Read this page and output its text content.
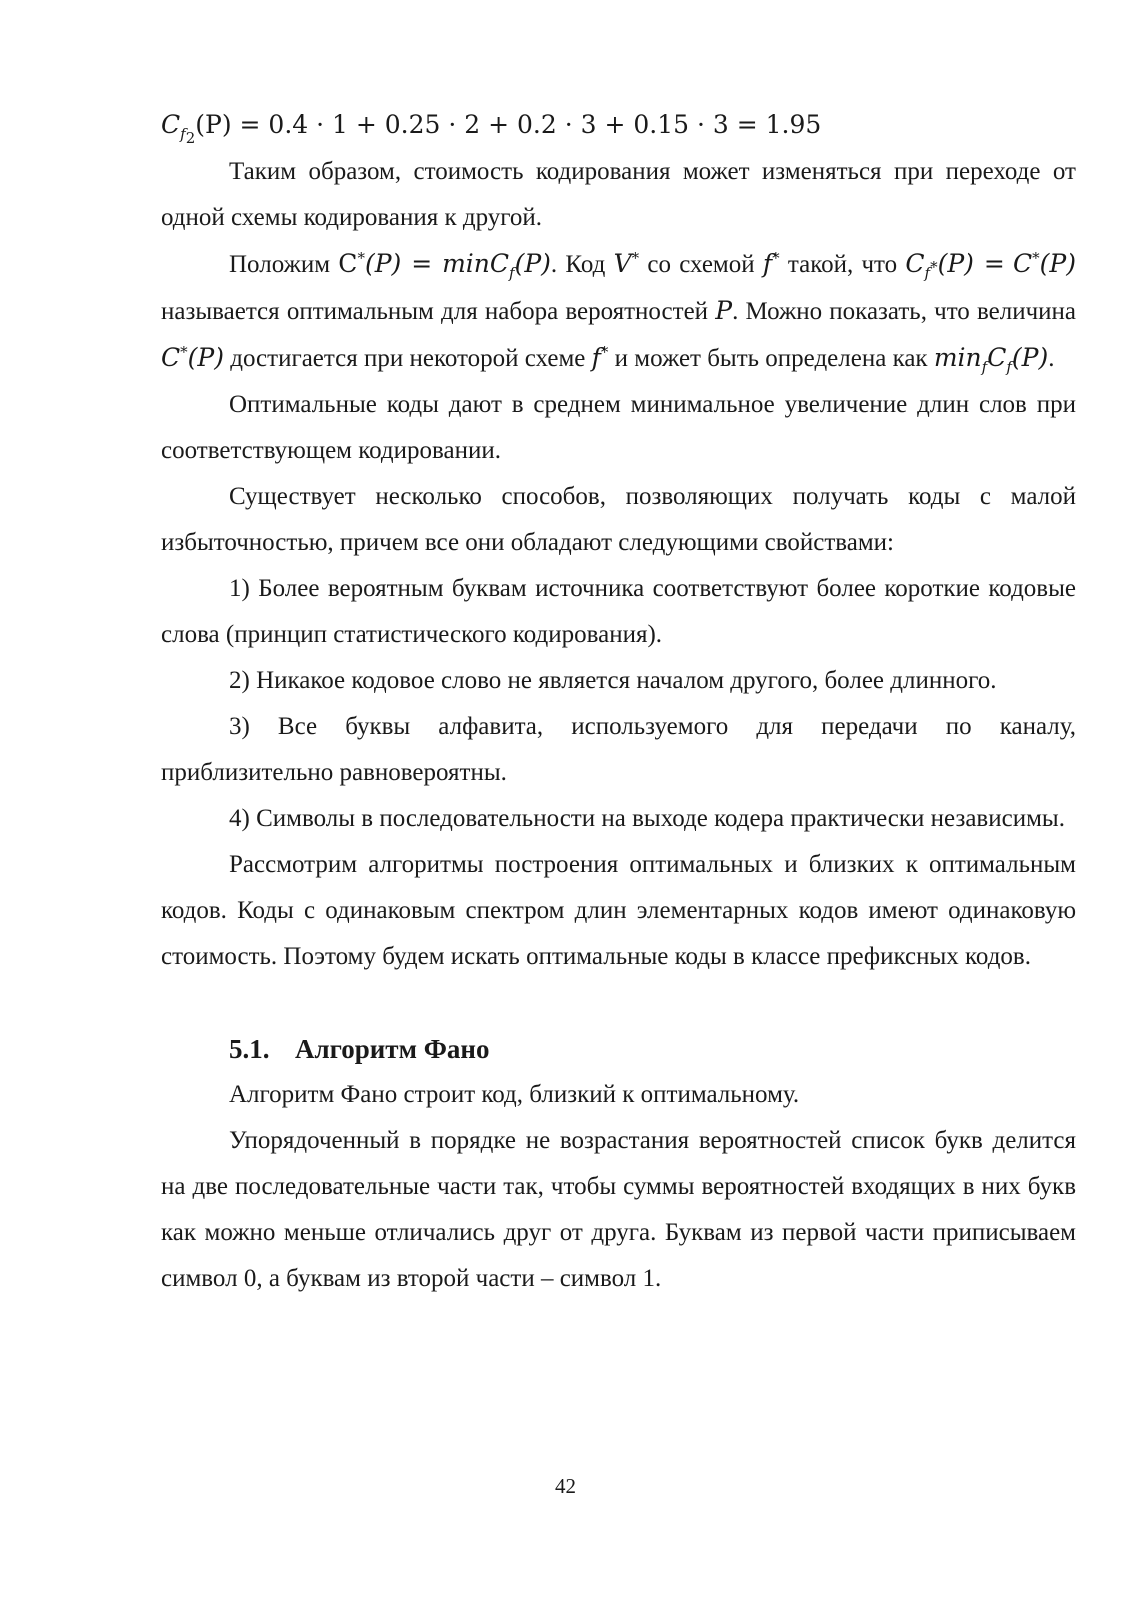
$C_{f_2}(P) = 0.4 \cdot 1 + 0.25 \cdot 2 + 0.2 \cdot 3 + 0.15 \cdot 3 = 1.95$

Таким образом, стоимость кодирования может изменяться при переходе от одной схемы кодирования к другой.

Положим C*(P) = minC$_f$(P). Код V* со схемой f* такой, что $C_{f^*}(P) = C^*(P)$ называется оптимальным для набора вероятностей P. Можно показать, что величина C*(P) достигается при некоторой схеме f* и может быть определена как $\min_fC_f(P)$.

Оптимальные коды дают в среднем минимальное увеличение длин слов при соответствующем кодировании.

Существует несколько способов, позволяющих получать коды с малой избыточностью, причем все они обладают следующими свойствами:

1) Более вероятным буквам источника соответствуют более короткие кодовые слова (принцип статистического кодирования).

2) Никакое кодовое слово не является началом другого, более длинного.

3) Все буквы алфавита, используемого для передачи по каналу, приблизительно равновероятны.

4) Символы в последовательности на выходе кодера практически независимы.

Рассмотрим алгоритмы построения оптимальных и близких к оптимальным кодов. Коды с одинаковым спектром длин элементарных кодов имеют одинаковую стоимость. Поэтому будем искать оптимальные коды в классе префиксных кодов.

5.1. Алгоритм Фано

Алгоритм Фано строит код, близкий к оптимальному.

Упорядоченный в порядке не возрастания вероятностей список букв делится на две последовательные части так, чтобы суммы вероятностей входящих в них букв как можно меньше отличались друг от друга. Буквам из первой части приписываем символ 0, а буквам из второй части – символ 1.

42
